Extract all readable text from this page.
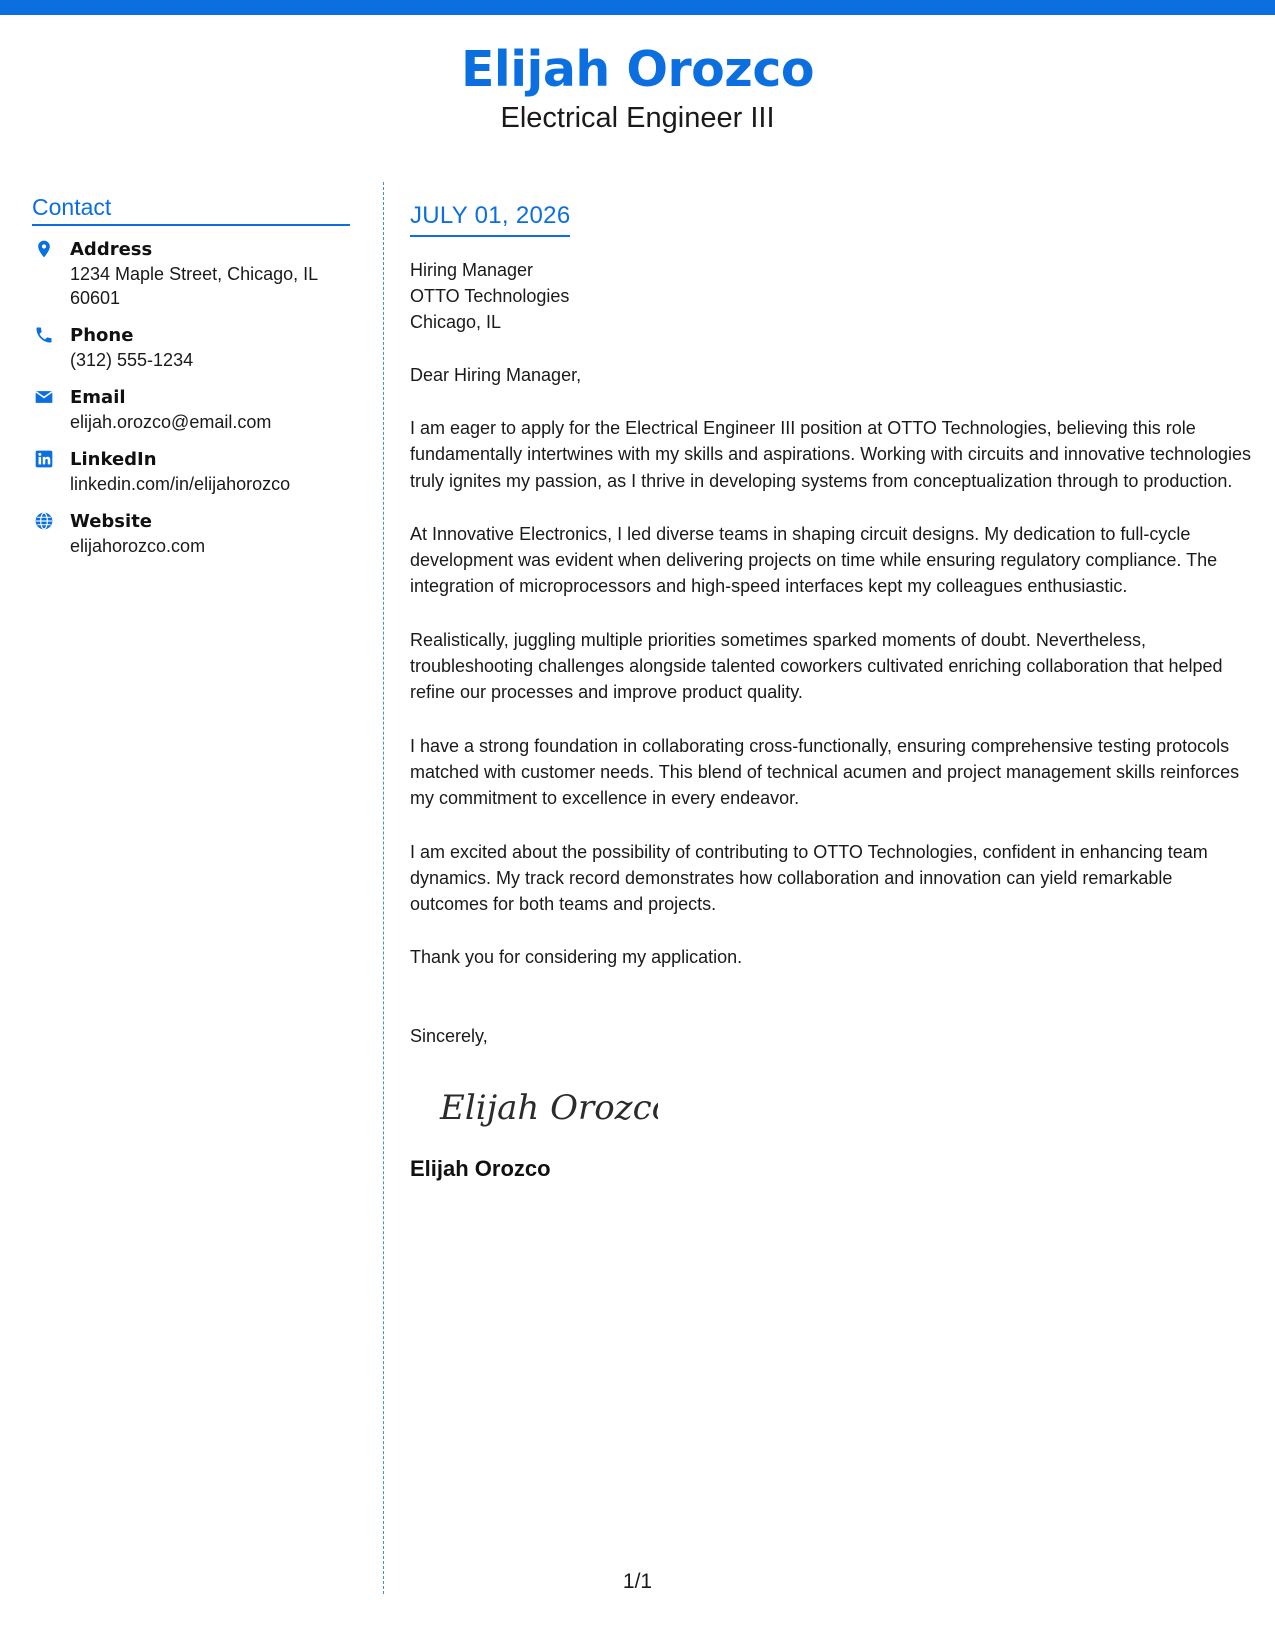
Elijah Orozco
Electrical Engineer III
Contact
Address
1234 Maple Street, Chicago, IL 60601
Phone
(312) 555-1234
Email
elijah.orozco@email.com
LinkedIn
linkedin.com/in/elijahorozco
Website
elijahorozco.com
JULY 01, 2026
Hiring Manager
OTTO Technologies
Chicago, IL
Dear Hiring Manager,
I am eager to apply for the Electrical Engineer III position at OTTO Technologies, believing this role fundamentally intertwines with my skills and aspirations. Working with circuits and innovative technologies truly ignites my passion, as I thrive in developing systems from conceptualization through to production.
At Innovative Electronics, I led diverse teams in shaping circuit designs. My dedication to full-cycle development was evident when delivering projects on time while ensuring regulatory compliance. The integration of microprocessors and high-speed interfaces kept my colleagues enthusiastic.
Realistically, juggling multiple priorities sometimes sparked moments of doubt. Nevertheless, troubleshooting challenges alongside talented coworkers cultivated enriching collaboration that helped refine our processes and improve product quality.
I have a strong foundation in collaborating cross-functionally, ensuring comprehensive testing protocols matched with customer needs. This blend of technical acumen and project management skills reinforces my commitment to excellence in every endeavor.
I am excited about the possibility of contributing to OTTO Technologies, confident in enhancing team dynamics. My track record demonstrates how collaboration and innovation can yield remarkable outcomes for both teams and projects.
Thank you for considering my application.
Sincerely,
Elijah Orozco
Elijah Orozco
1/1
